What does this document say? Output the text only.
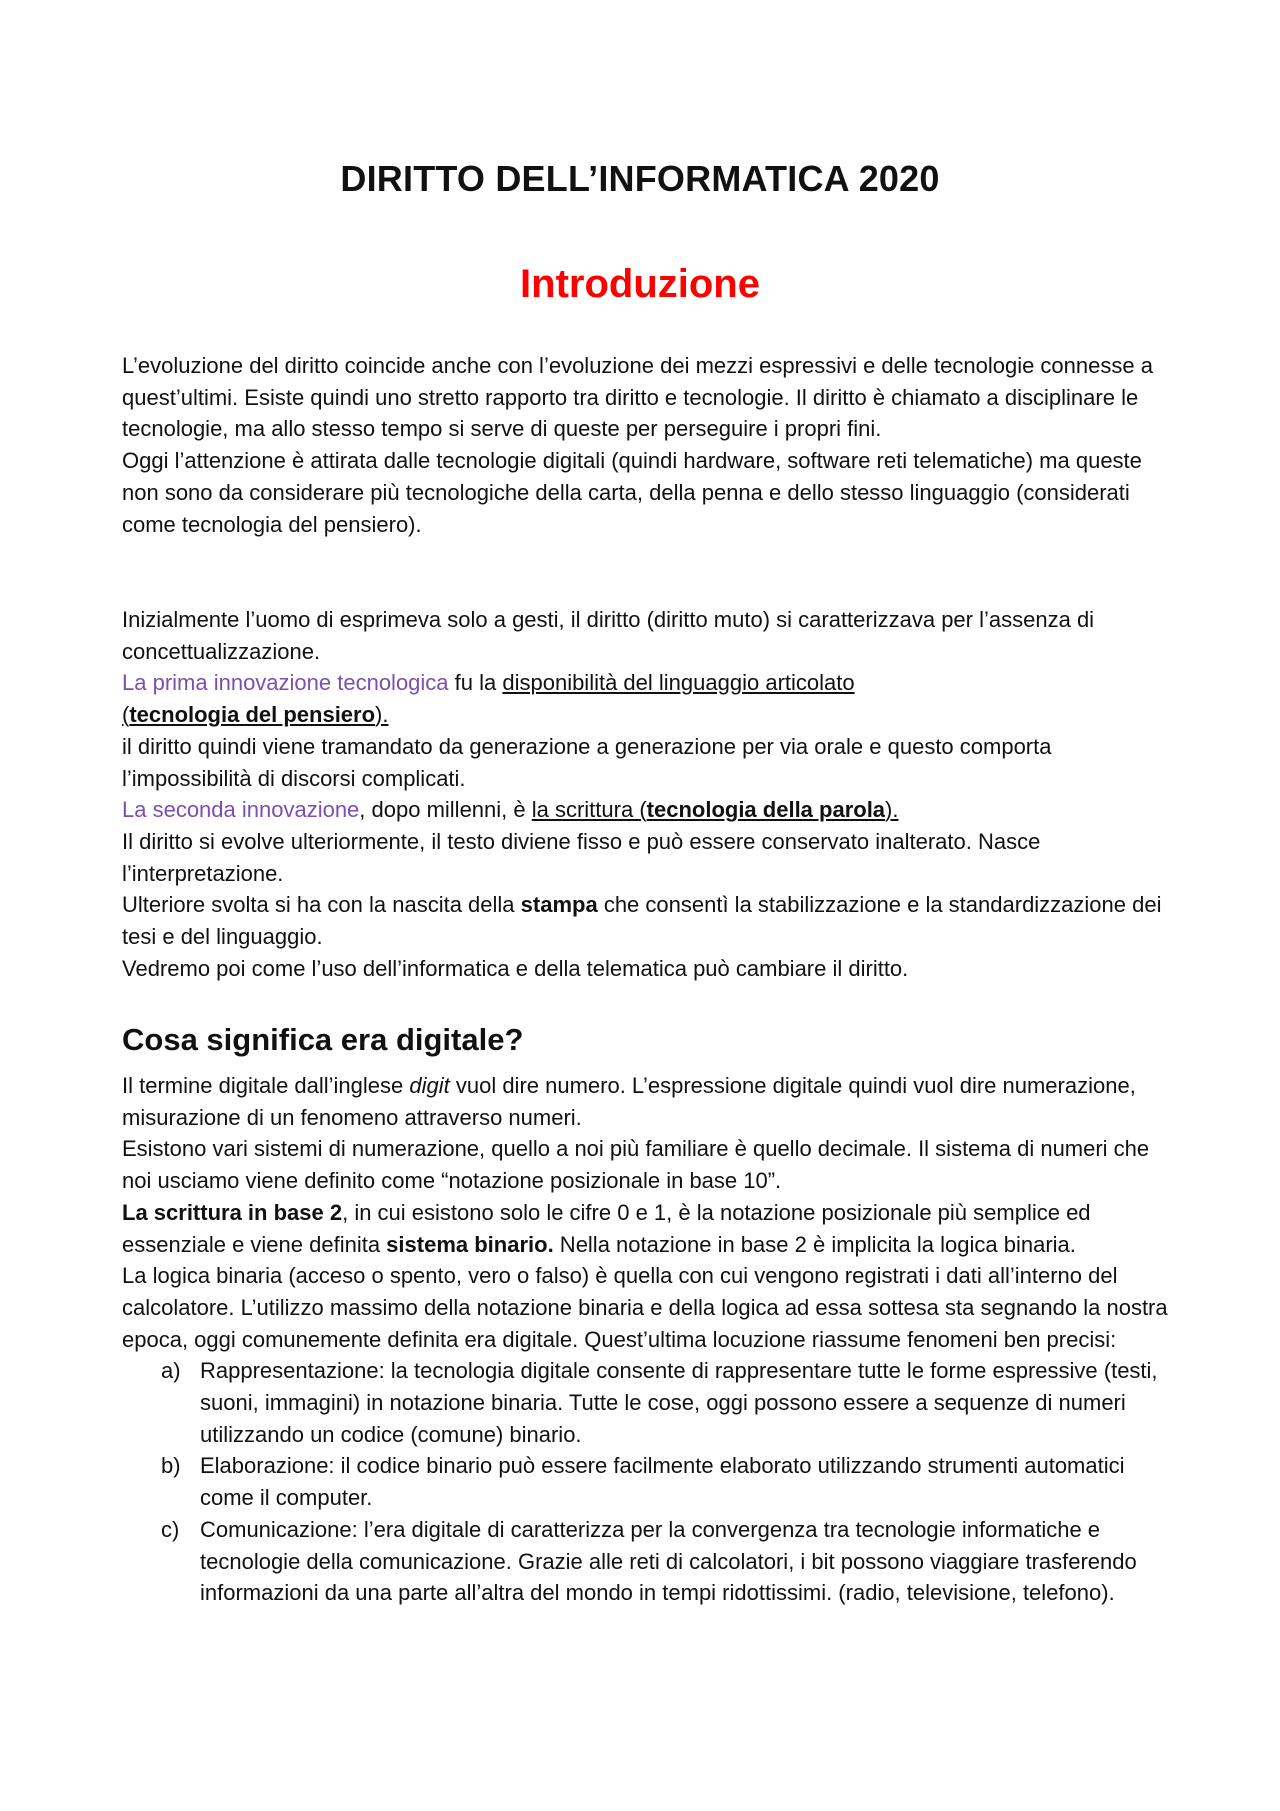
DIRITTO DELL’INFORMATICA 2020
Introduzione

L’evoluzione del diritto coincide anche con l’evoluzione dei mezzi espressivi e delle tecnologie connesse a quest’ultimi. Esiste quindi uno stretto rapporto tra diritto e tecnologie. Il diritto è chiamato a disciplinare le tecnologie, ma allo stesso tempo si serve di queste per perseguire i propri fini.

Oggi l’attenzione è attirata dalle tecnologie digitali (quindi hardware, software reti telematiche) ma queste non sono da considerare più tecnologiche della carta, della penna e dello stesso linguaggio (considerati come tecnologia del pensiero).

Inizialmente l’uomo di esprimeva solo a gesti, il diritto (diritto muto) si caratterizzava per l’assenza di concettualizzazione.

La prima innovazione tecnologica fu la disponibilità del linguaggio articolato
(tecnologia del pensiero).

il diritto quindi viene tramandato da generazione a generazione per via orale e questo comporta l’impossibilità di discorsi complicati.

La seconda innovazione, dopo millenni, è la scrittura (tecnologia della parola).

Il diritto si evolve ulteriormente, il testo diviene fisso e può essere conservato inalterato. Nasce l’interpretazione.

Ulteriore svolta si ha con la nascita della stampa che consentì la stabilizzazione e la standardizzazione dei tesi e del linguaggio.

Vedremo poi come l’uso dell’informatica e della telematica può cambiare il diritto.

Cosa significa era digitale?

Il termine digitale dall’inglese digit vuol dire numero. L’espressione digitale quindi vuol dire numerazione, misurazione di un fenomeno attraverso numeri.

Esistono vari sistemi di numerazione, quello a noi più familiare è quello decimale. Il sistema di numeri che noi usciamo viene definito come “notazione posizionale in base 10”.

La scrittura in base 2, in cui esistono solo le cifre 0 e 1, è la notazione posizionale più semplice ed essenziale e viene definita sistema binario. Nella notazione in base 2 è implicita la logica binaria.

La logica binaria (acceso o spento, vero o falso) è quella con cui vengono registrati i dati all’interno del calcolatore. L’utilizzo massimo della notazione binaria e della logica ad essa sottesa sta segnando la nostra epoca, oggi comunemente definita era digitale. Quest’ultima locuzione riassume fenomeni ben precisi:

a) Rappresentazione: la tecnologia digitale consente di rappresentare tutte le forme espressive (testi, suoni, immagini) in notazione binaria. Tutte le cose, oggi possono essere a sequenze di numeri utilizzando un codice (comune) binario.
b) Elaborazione: il codice binario può essere facilmente elaborato utilizzando strumenti automatici come il computer.
c) Comunicazione: l’era digitale di caratterizza per la convergenza tra tecnologie informatiche e tecnologie della comunicazione. Grazie alle reti di calcolatori, i bit possono viaggiare trasferendo informazioni da una parte all’altra del mondo in tempi ridottissimi. (radio, televisione, telefono).
